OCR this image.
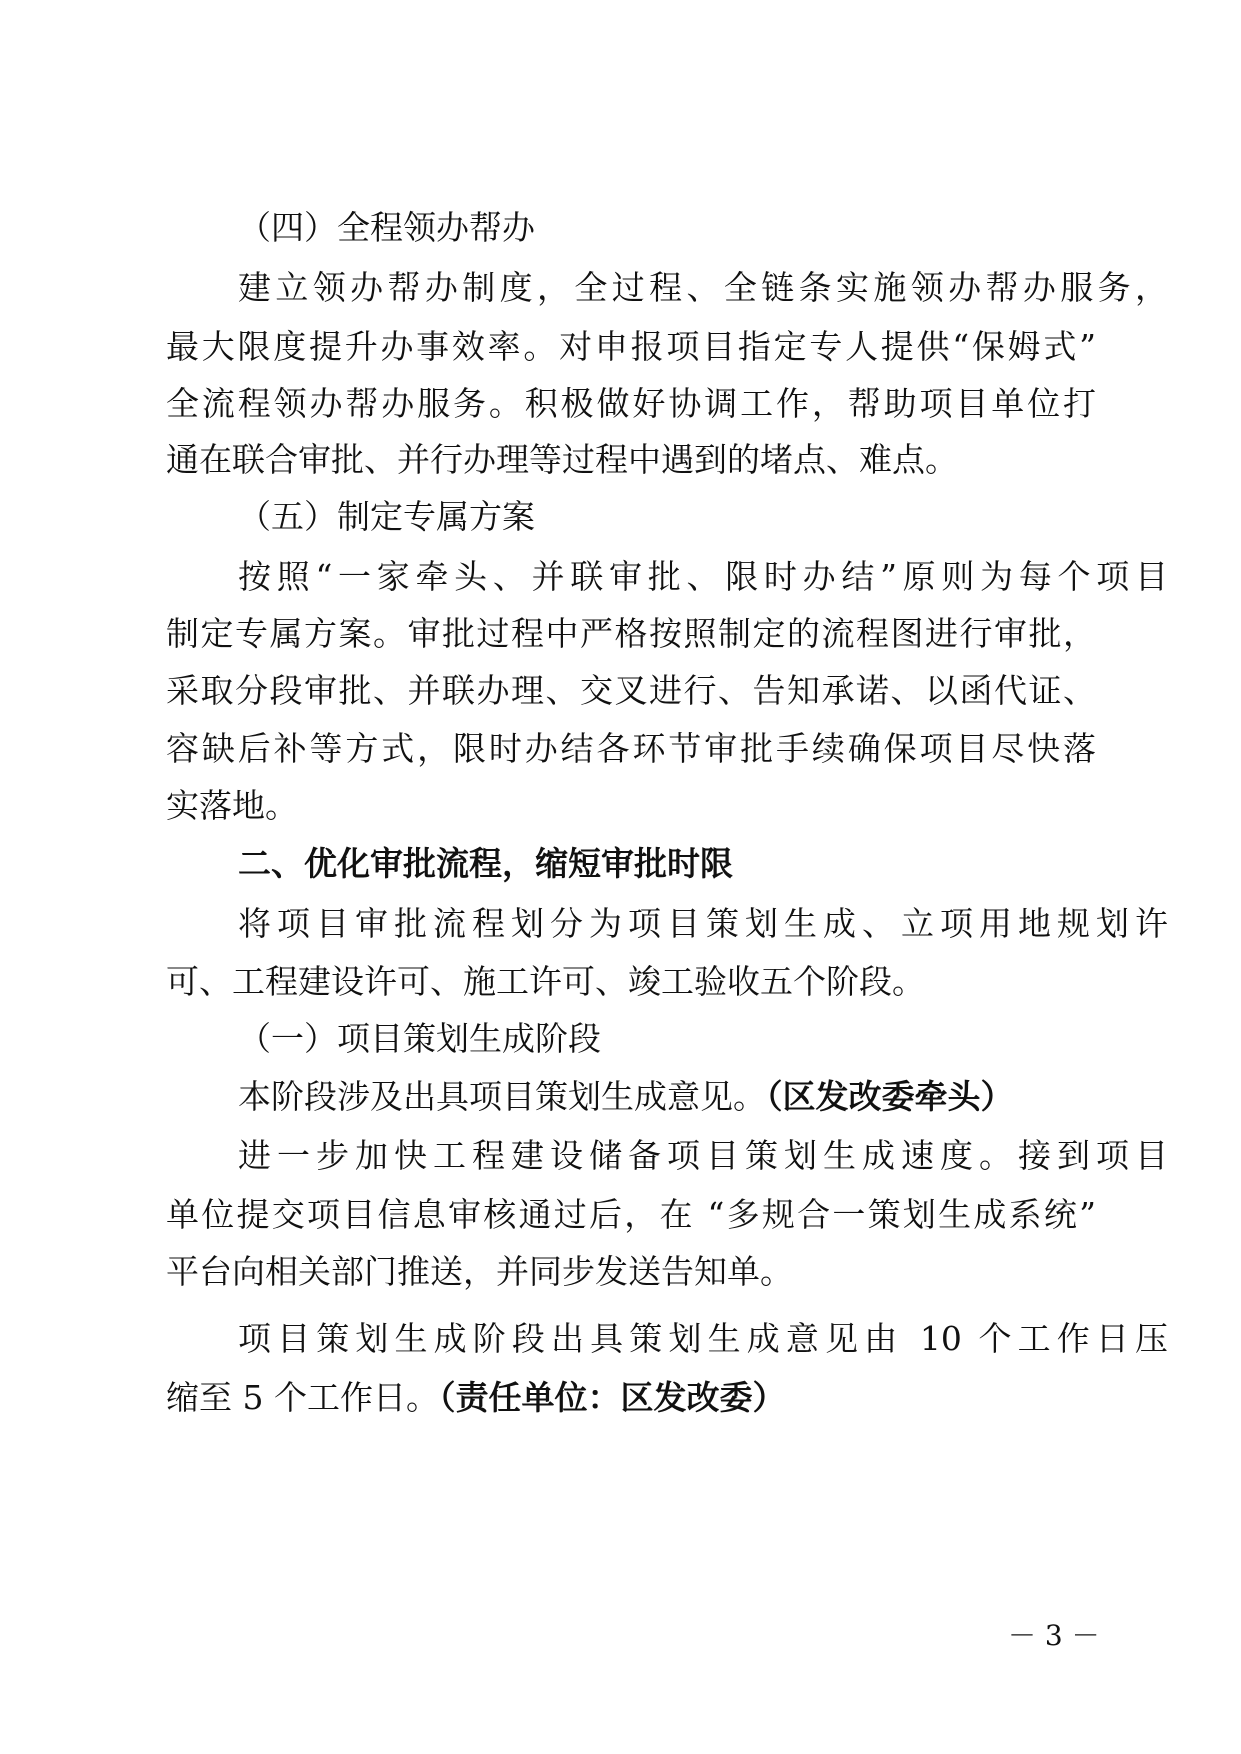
（四）全程领办帮办
建立领办帮办制度，全过程、全链条实施领办帮办服务，
最大限度提升办事效率。对申报项目指定专人提供“保姆式”
全流程领办帮办服务。积极做好协调工作，帮助项目单位打
通在联合审批、并行办理等过程中遇到的堵点、难点。
（五）制定专属方案
按照“一家牵头、并联审批、限时办结”原则为每个项目
制定专属方案。审批过程中严格按照制定的流程图进行审批，
采取分段审批、并联办理、交叉进行、告知承诺、以函代证、
容缺后补等方式，限时办结各环节审批手续确保项目尽快落
实落地。
二、优化审批流程，缩短审批时限
将项目审批流程划分为项目策划生成、立项用地规划许
可、工程建设许可、施工许可、竣工验收五个阶段。
（一）项目策划生成阶段
本阶段涉及出具项目策划生成意见。（区发改委牵头）
进一步加快工程建设储备项目策划生成速度。接到项目
单位提交项目信息审核通过后，在 “多规合一策划生成系统”
平台向相关部门推送，并同步发送告知单。
项目策划生成阶段出具策划生成意见由 10 个工作日压
缩至 5 个工作日。（责任单位：区发改委）
－ 3 －
